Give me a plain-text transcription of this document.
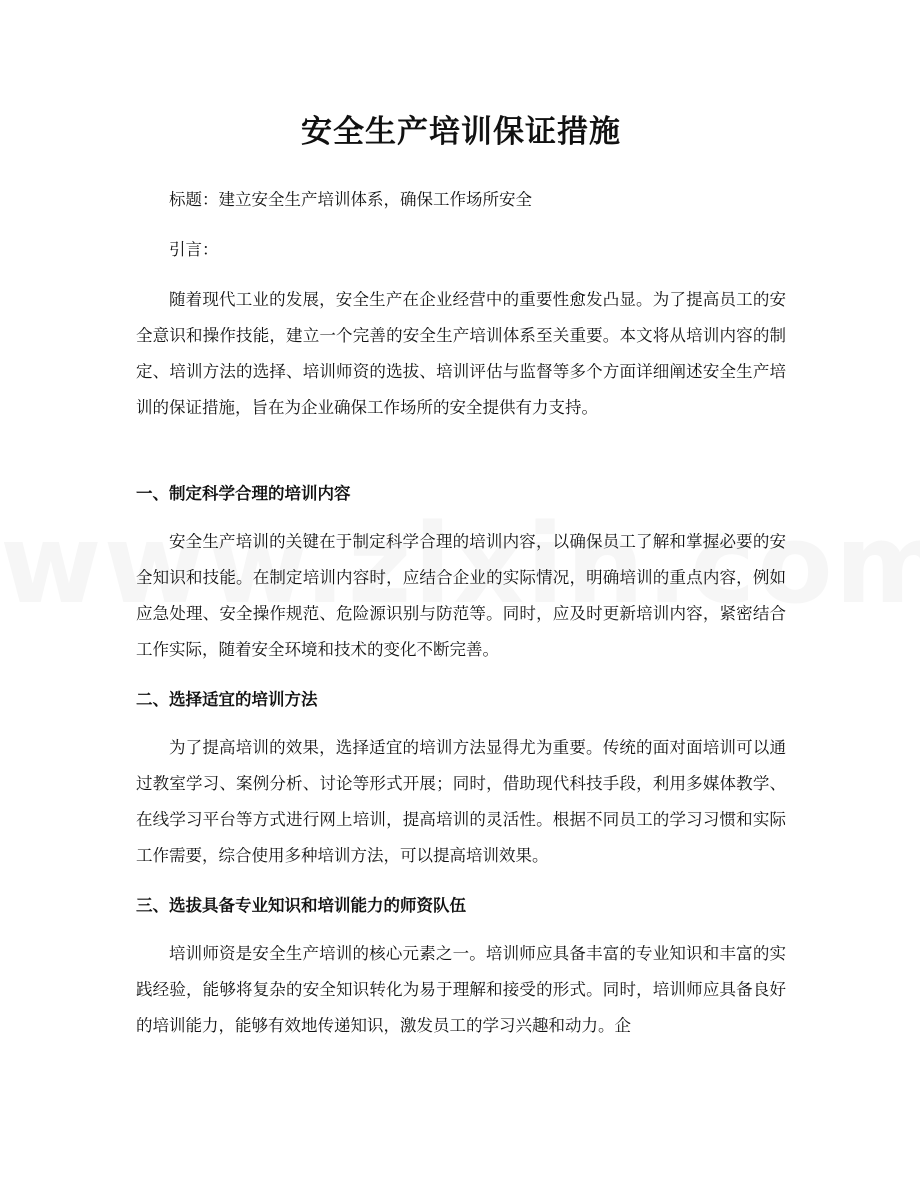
安全生产培训保证措施

标题：建立安全生产培训体系，确保工作场所安全

引言：

随着现代工业的发展，安全生产在企业经营中的重要性愈发凸显。为了提高员工的安全意识和操作技能，建立一个完善的安全生产培训体系至关重要。本文将从培训内容的制定、培训方法的选择、培训师资的选拔、培训评估与监督等多个方面详细阐述安全生产培训的保证措施，旨在为企业确保工作场所的安全提供有力支持。

一、制定科学合理的培训内容

安全生产培训的关键在于制定科学合理的培训内容，以确保员工了解和掌握必要的安全知识和技能。在制定培训内容时，应结合企业的实际情况，明确培训的重点内容，例如应急处理、安全操作规范、危险源识别与防范等。同时，应及时更新培训内容，紧密结合工作实际，随着安全环境和技术的变化不断完善。

二、选择适宜的培训方法

为了提高培训的效果，选择适宜的培训方法显得尤为重要。传统的面对面培训可以通过教室学习、案例分析、讨论等形式开展；同时，借助现代科技手段，利用多媒体教学、在线学习平台等方式进行网上培训，提高培训的灵活性。根据不同员工的学习习惯和实际工作需要，综合使用多种培训方法，可以提高培训效果。

三、选拔具备专业知识和培训能力的师资队伍

培训师资是安全生产培训的核心元素之一。培训师应具备丰富的专业知识和丰富的实践经验，能够将复杂的安全知识转化为易于理解和接受的形式。同时，培训师应具备良好的培训能力，能够有效地传递知识，激发员工的学习兴趣和动力。企
